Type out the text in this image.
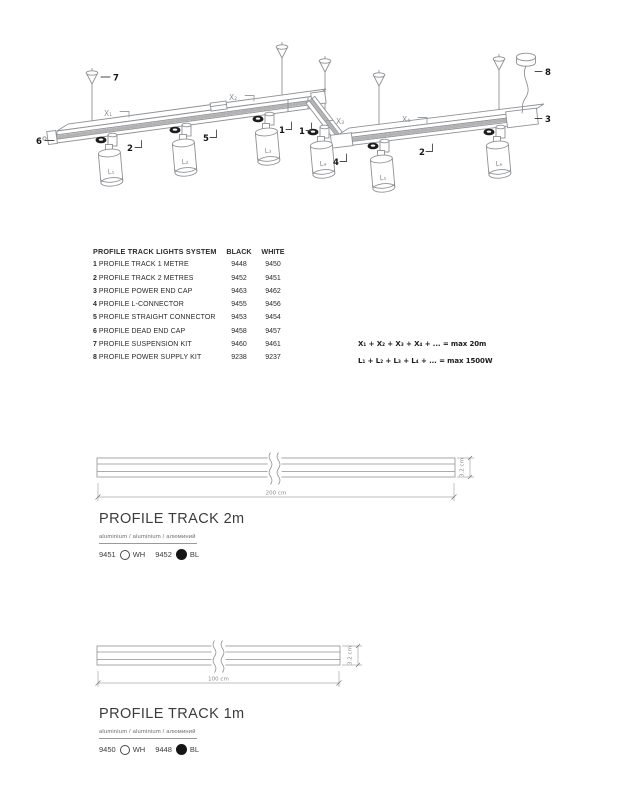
L₁
L₂
L₃
L₄
L₅
L₆
6
7
2
5
1 1
4
2
3
8
X₁
X₂
X₃	X₄
PROFILE TRACK LIGHTS SYSTEM	BLACK	WHITE
1 PROFILE TRACK 1 METRE	9448	9450
2 PROFILE TRACK 2 METRES	9452	9451
3 PROFILE POWER END CAP	9463	9462
4 PROFILE L-CONNECTOR	9455	9456
5 PROFILE STRAIGHT CONNECTOR	9453	9454
6 PROFILE DEAD END CAP	9458	9457
7 PROFILE SUSPENSION KIT	9460	9461
8 PROFILE POWER SUPPLY KIT	9238	9237
X₁ + X₂ + X₃ + X₄ + ... = max 20m
L₁ + L₂ + L₃ + L₄ + ... = max 1500W
200 cm
3.2 cm
PROFILE TRACK 2m
aluminium / aluminium / алюминий
9451 WH 9452 BL
100 cm
3.2 cm
PROFILE TRACK 1m
aluminium / aluminium / алюминий
9450 WH 9448 BL
